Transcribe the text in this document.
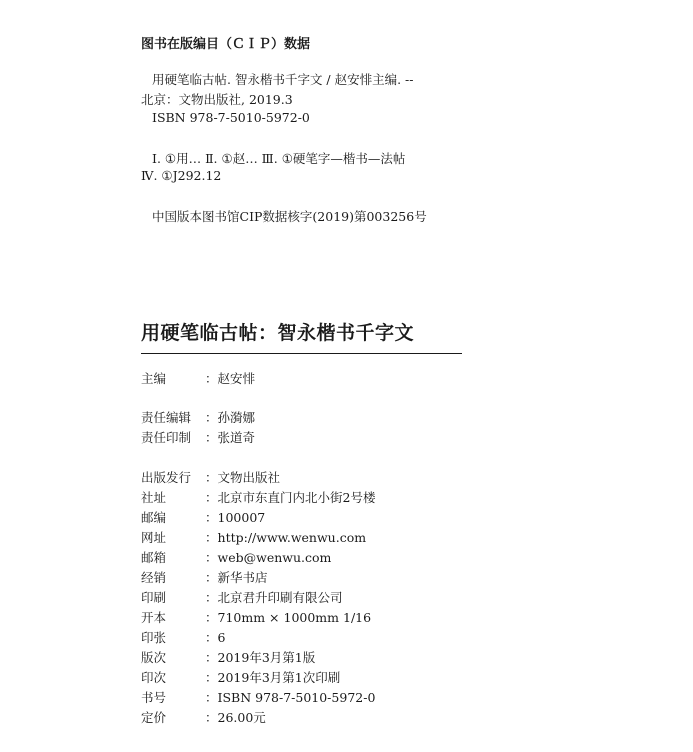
图书在版编目（ＣＩＰ）数据
用硬笔临古帖. 智永楷书千字文 / 赵安悱主编. --
北京：文物出版社, 2019.3
ISBN 978-7-5010-5972-0
Ⅰ. ①用… Ⅱ. ①赵… Ⅲ. ①硬笔字—楷书—法帖
Ⅳ. ①J292.12
中国版本图书馆CIP数据核字(2019)第003256号
用硬笔临古帖：智永楷书千字文
主编	：赵安悱
责任编辑 ：孙漪娜
责任印制 ：张道奇
出版发行 ：文物出版社
社址	：北京市东直门内北小街2号楼
邮编	：100007
网址	：http://www.wenwu.com
邮箱	：web@wenwu.com
经销	：新华书店
印刷	：北京君升印刷有限公司
开本	：710mm × 1000mm 1/16
印张	：6
版次	：2019年3月第1版
印次	：2019年3月第1次印刷
书号	：ISBN 978-7-5010-5972-0
定价	：26.00元
